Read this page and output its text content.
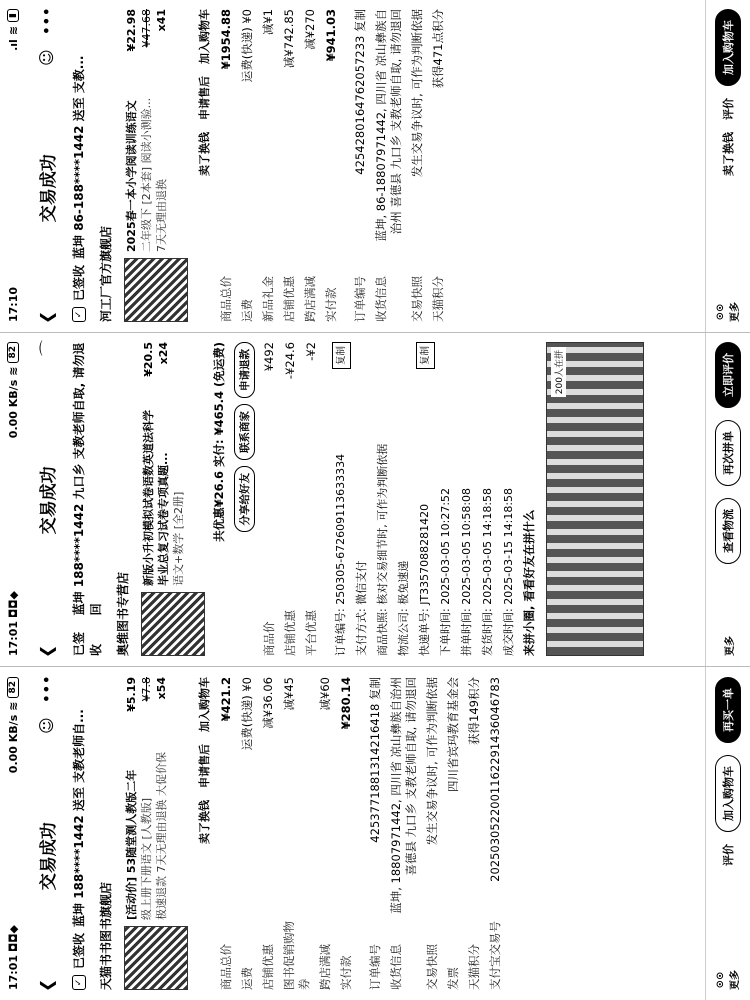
17:01
◘◘◆
0.00 KB/s
≋
82
❮
交易成功
☺
•••
✓
已签收
蓝坤 188****1442 送至 支教老师自...
天猫书书图书旗舰店
[活动价] 53随堂测人教版二年 级上册下册语文 [人教版] 极速退款 7天无理由退换 大促价保
¥5.19 ¥7.8 x54
卖了换钱
申请售后
加入购物车
商品总价
¥421.2
运费
运费(快递) ¥0
店铺优惠
减¥36.06
图书促销购物券
减¥45
跨店满减
减¥60
实付款
¥280.14
订单编号
4253771881314216418

复制
收货信息
蓝坤, 18807971442, 四川省 凉山彝族自治州 喜德县 九口乡 支教老师自取, 请勿退回
交易快照
发生交易争议时, 可作为判断依据
发票
四川省宾玛教育基金会
天猫积分
获得149积分
支付宝交易号
2025030522001162291436046783
⊙⊙ 更多
评价
加入购物车
再买一单
17:01
◘◘◆
0.00 KB/s
≋
82
❮
交易成功
⌒
已签收
蓝坤 188****1442 九口乡 支教老师自取, 请勿退回	奥维图书专营店
新版小升初模拟试卷语数英道法科学毕业总复习试卷专项真题... 语文+数学 [全2册]
¥20.5 x24	共优惠¥26.6 实付: ¥465.4 (免运费)	分享给好友
联系商家
申请退款
商品价
¥492
店铺优惠
-¥24.6
平台优惠
-¥2
订单编号: 250305-672609113633334
复制
支付方式: 微信支付
商品快照: 核对交易细节时, 可作为判断依据
物流公司: 极兔速递
快递单号: JT3357088281420
复制
下单时间: 2025-03-05 10:27:52
拼单时间: 2025-03-05 10:58:08
发货时间: 2025-03-05 14:18:58
成交时间: 2025-03-15 14:18:58 来拼小圈, 看看好友在拼什么
200人在拼
更多
查看物流
再次拼单
立即评价
17:10
.ıl
≋
▮
❮
交易成功
☺
•••
✓
已签收
蓝坤 86-188****1442 送至 支教...
河工厂官方旗舰店
2025春一本小学阅读训练语文 二年级下 [2本套] 阅读小测验... 7天无理由退换
¥22.98 ¥47.68 x41
卖了换钱
申请售后
加入购物车
商品总价
¥1954.88
运费
运费(快递) ¥0
新品礼金
减¥1
店铺优惠
减¥742.85
跨店满减
减¥270
实付款
¥941.03
订单编号
4254280164762057233

复制
收货信息
蓝坤, 86-18807971442, 四川省 凉山彝族自治州 喜德县 九口乡 支教老师自取, 请勿退回
交易快照
发生交易争议时, 可作为判断依据
天猫积分
获得471点积分
⊙⊙ 更多
卖了换钱
评价
加入购物车
